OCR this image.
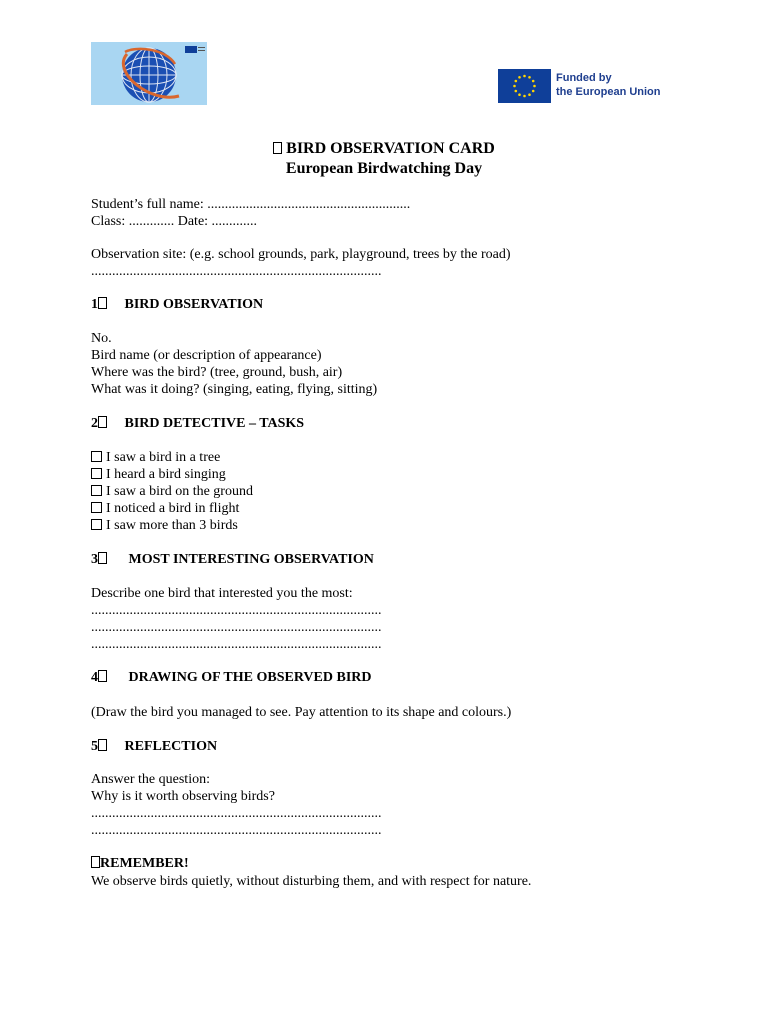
Funded by
the European Union
BIRD OBSERVATION CARD
European Birdwatching Day
Student’s full name: ..........................................................
Class: ............. Date: .............
Observation site: (e.g. school grounds, park, playground, trees by the road)
...................................................................................
1 BIRD OBSERVATION
No.
Bird name (or description of appearance)
Where was the bird? (tree, ground, bush, air)
What was it doing? (singing, eating, flying, sitting)
2 BIRD DETECTIVE – TASKS
I saw a bird in a tree
I heard a bird singing
I saw a bird on the ground
I noticed a bird in flight
I saw more than 3 birds
3 MOST INTERESTING OBSERVATION
Describe one bird that interested you the most:
...................................................................................
...................................................................................
...................................................................................
4 DRAWING OF THE OBSERVED BIRD
(Draw the bird you managed to see. Pay attention to its shape and colours.)
5 REFLECTION
Answer the question:
Why is it worth observing birds?
...................................................................................
...................................................................................
REMEMBER!
We observe birds quietly, without disturbing them, and with respect for nature.
